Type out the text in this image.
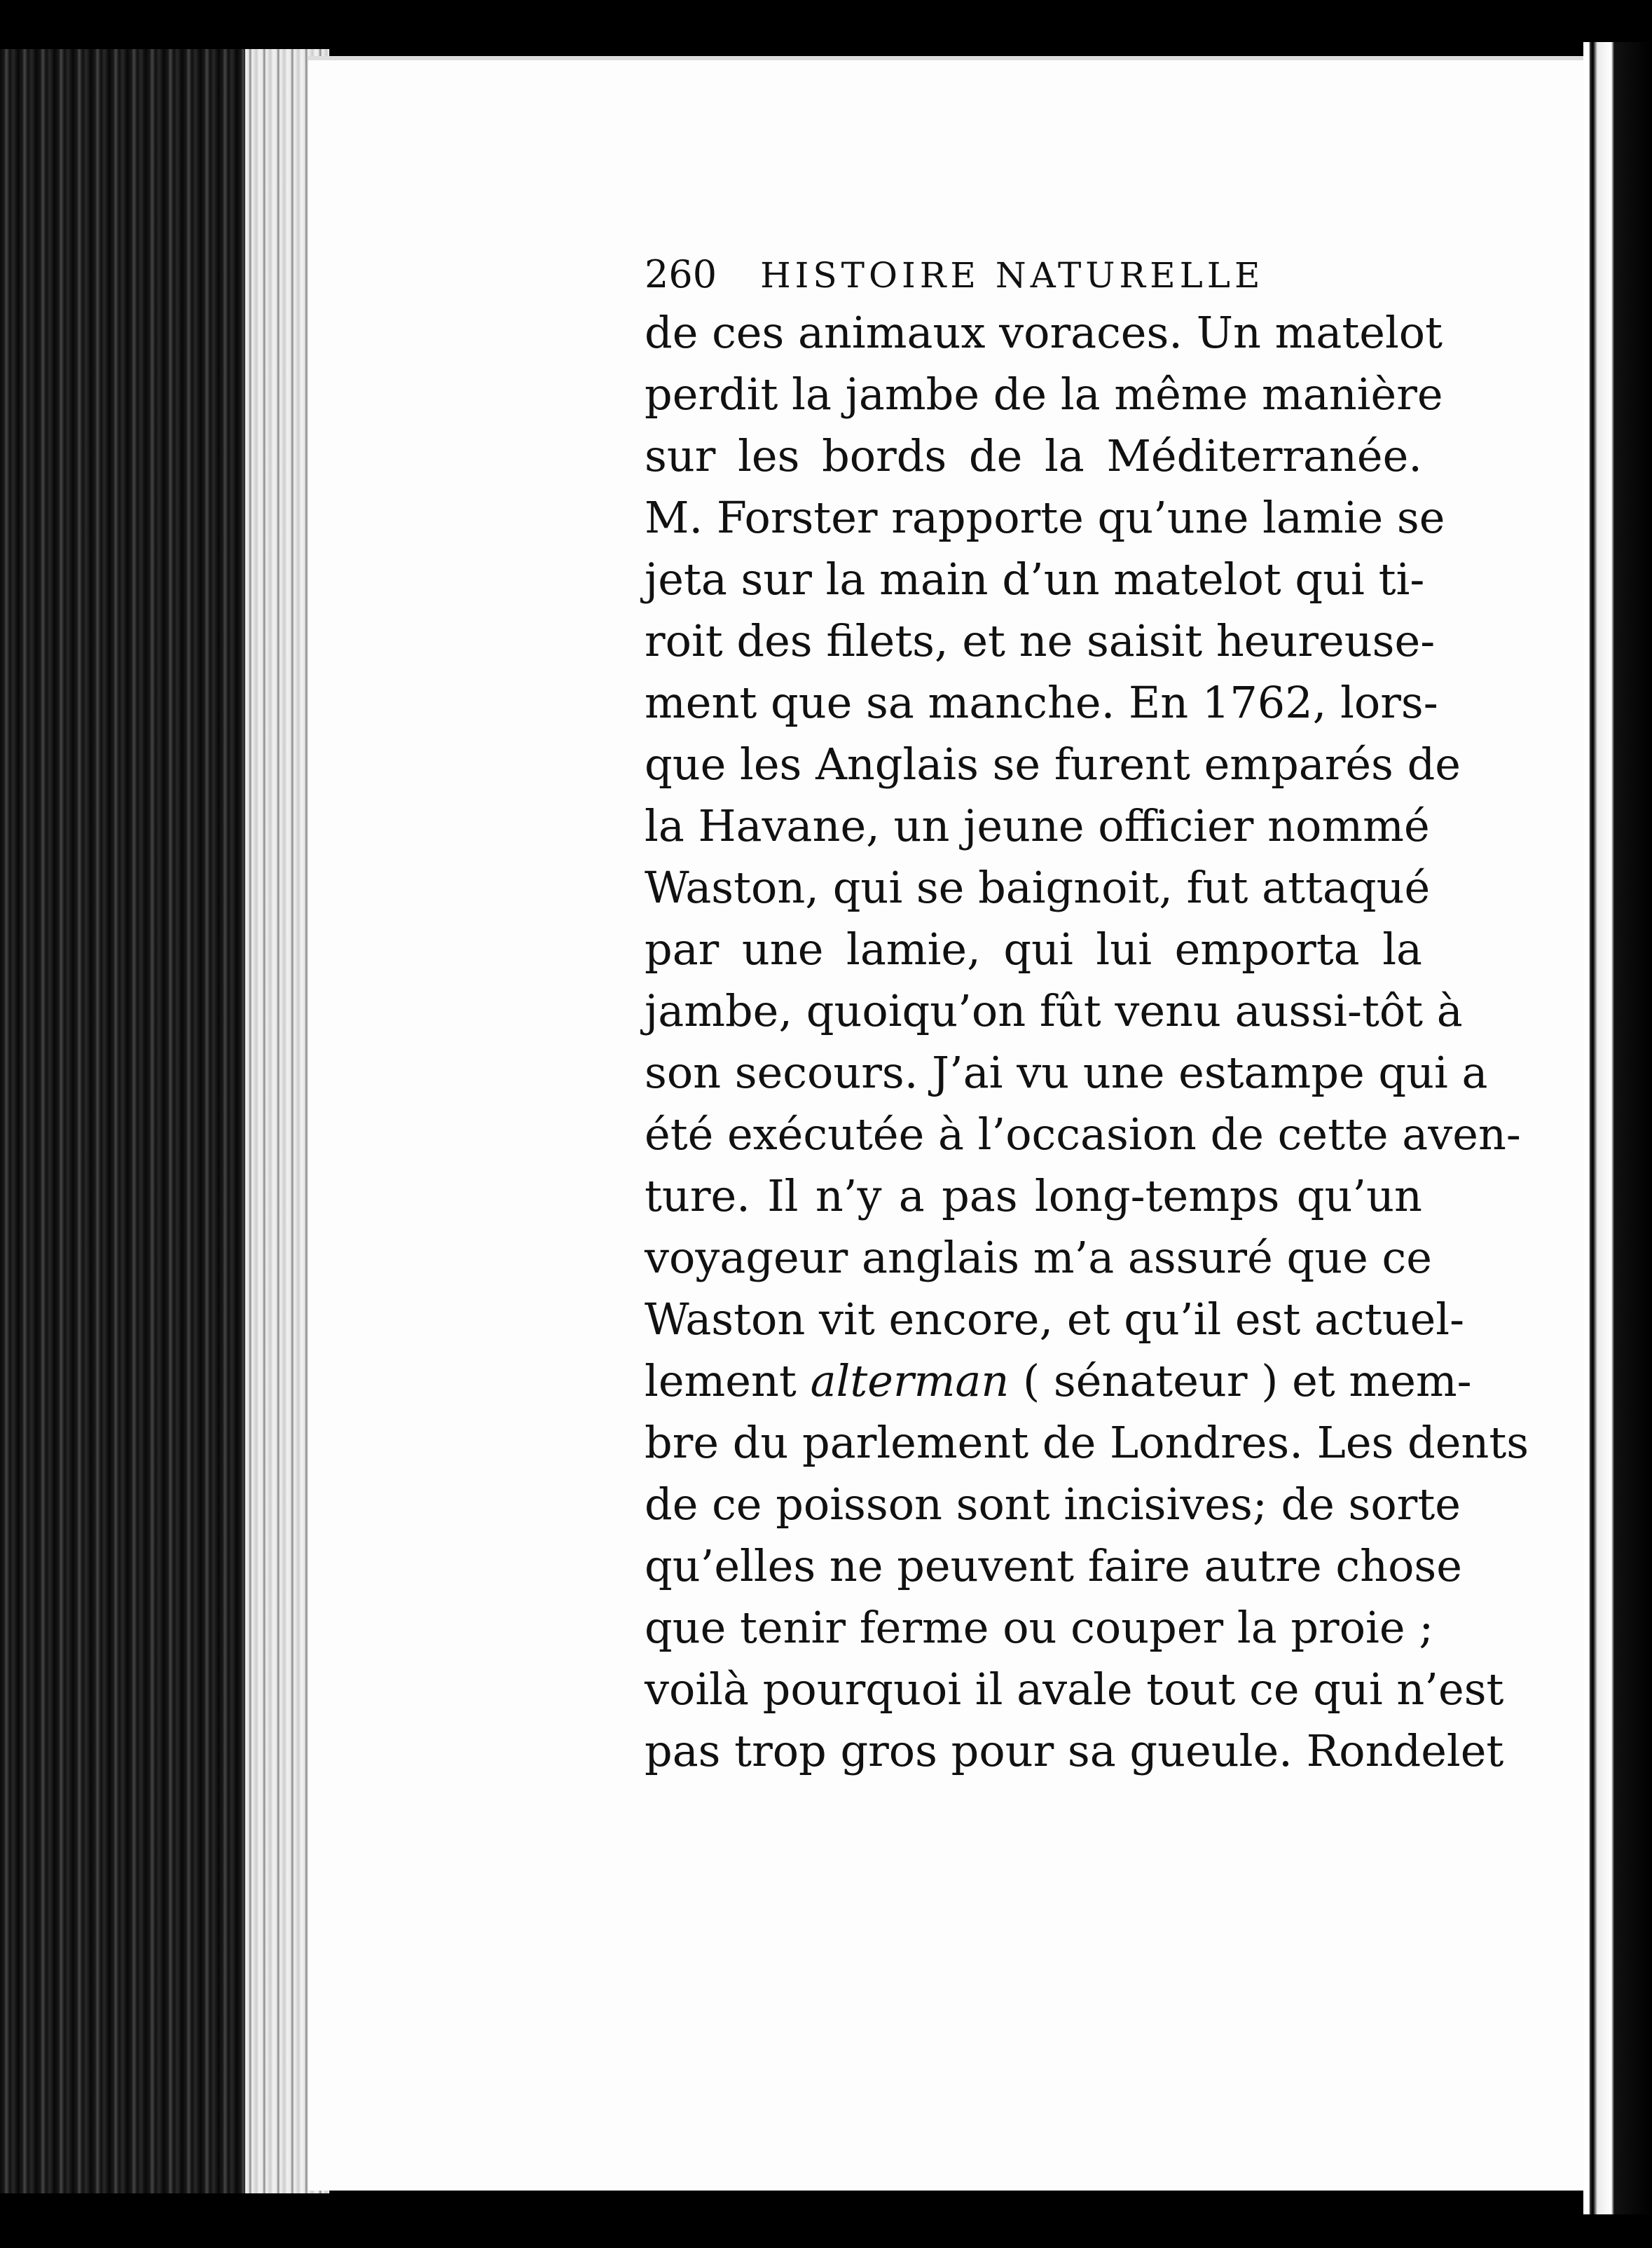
260 HISTOIRE NATURELLE
de ces animaux voraces. Un matelot
perdit la jambe de la même manière
sur les bords de la Méditerranée.
M. Forster rapporte qu’une lamie se
jeta sur la main d’un matelot qui ti-
roit des filets, et ne saisit heureuse-
ment que sa manche. En 1762, lors-
que les Anglais se furent emparés de
la Havane, un jeune officier nommé
Waston, qui se baignoit, fut attaqué
par une lamie, qui lui emporta la
jambe, quoiqu’on fût venu aussi-tôt à
son secours. J’ai vu une estampe qui a
été exécutée à l’occasion de cette aven-
ture. Il n’y a pas long-temps qu’un
voyageur anglais m’a assuré que ce
Waston vit encore, et qu’il est actuel-
lement alterman ( sénateur ) et mem-
bre du parlement de Londres. Les dents
de ce poisson sont incisives; de sorte
qu’elles ne peuvent faire autre chose
que tenir ferme ou couper la proie ;
voilà pourquoi il avale tout ce qui n’est
pas trop gros pour sa gueule. Rondelet
